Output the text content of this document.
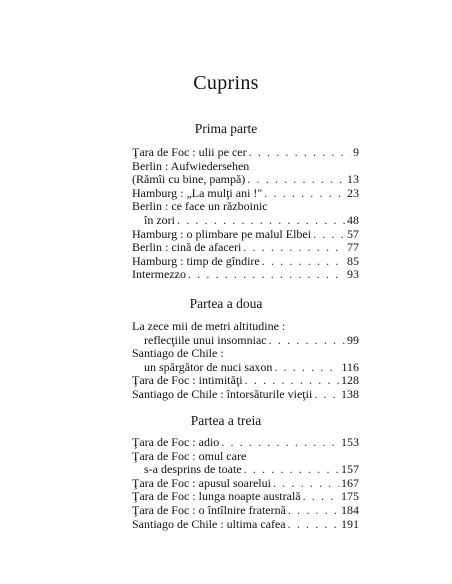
Cuprins
Prima parte
Ţara de Foc : ulii pe cer . . .	9
Berlin : Aufwiedersehen
(Rămîi cu bine, pampă) . . .	13
Hamburg : „La mulţi ani !" . . .	23
Berlin : ce face un războinic
în zori . . .	48
Hamburg : o plimbare pe malul Elbei . . .	57
Berlin : cină de afaceri . . .	77
Hamburg : timp de gîndire . . .	85
Intermezzo . . .	93
Partea a doua
La zece mii de metri altitudine :
reflecţiile unui insomniac . . .	99
Santiago de Chile :
un spărgător de nuci saxon . . .	116
Ţara de Foc : intimităţi . . .	128
Santiago de Chile : întorsăturile vieţii . . . 138
Partea a treia
Ţara de Foc : adio . . .	153
Ţara de Foc : omul care
s-a desprins de toate . . .	157
Ţara de Foc : apusul soarelui . . .	167
Ţara de Foc : lunga noapte australă . . .	175
Ţara de Foc : o întîlnire fraternă . . .	184
Santiago de Chile : ultima cafea . . .	191
